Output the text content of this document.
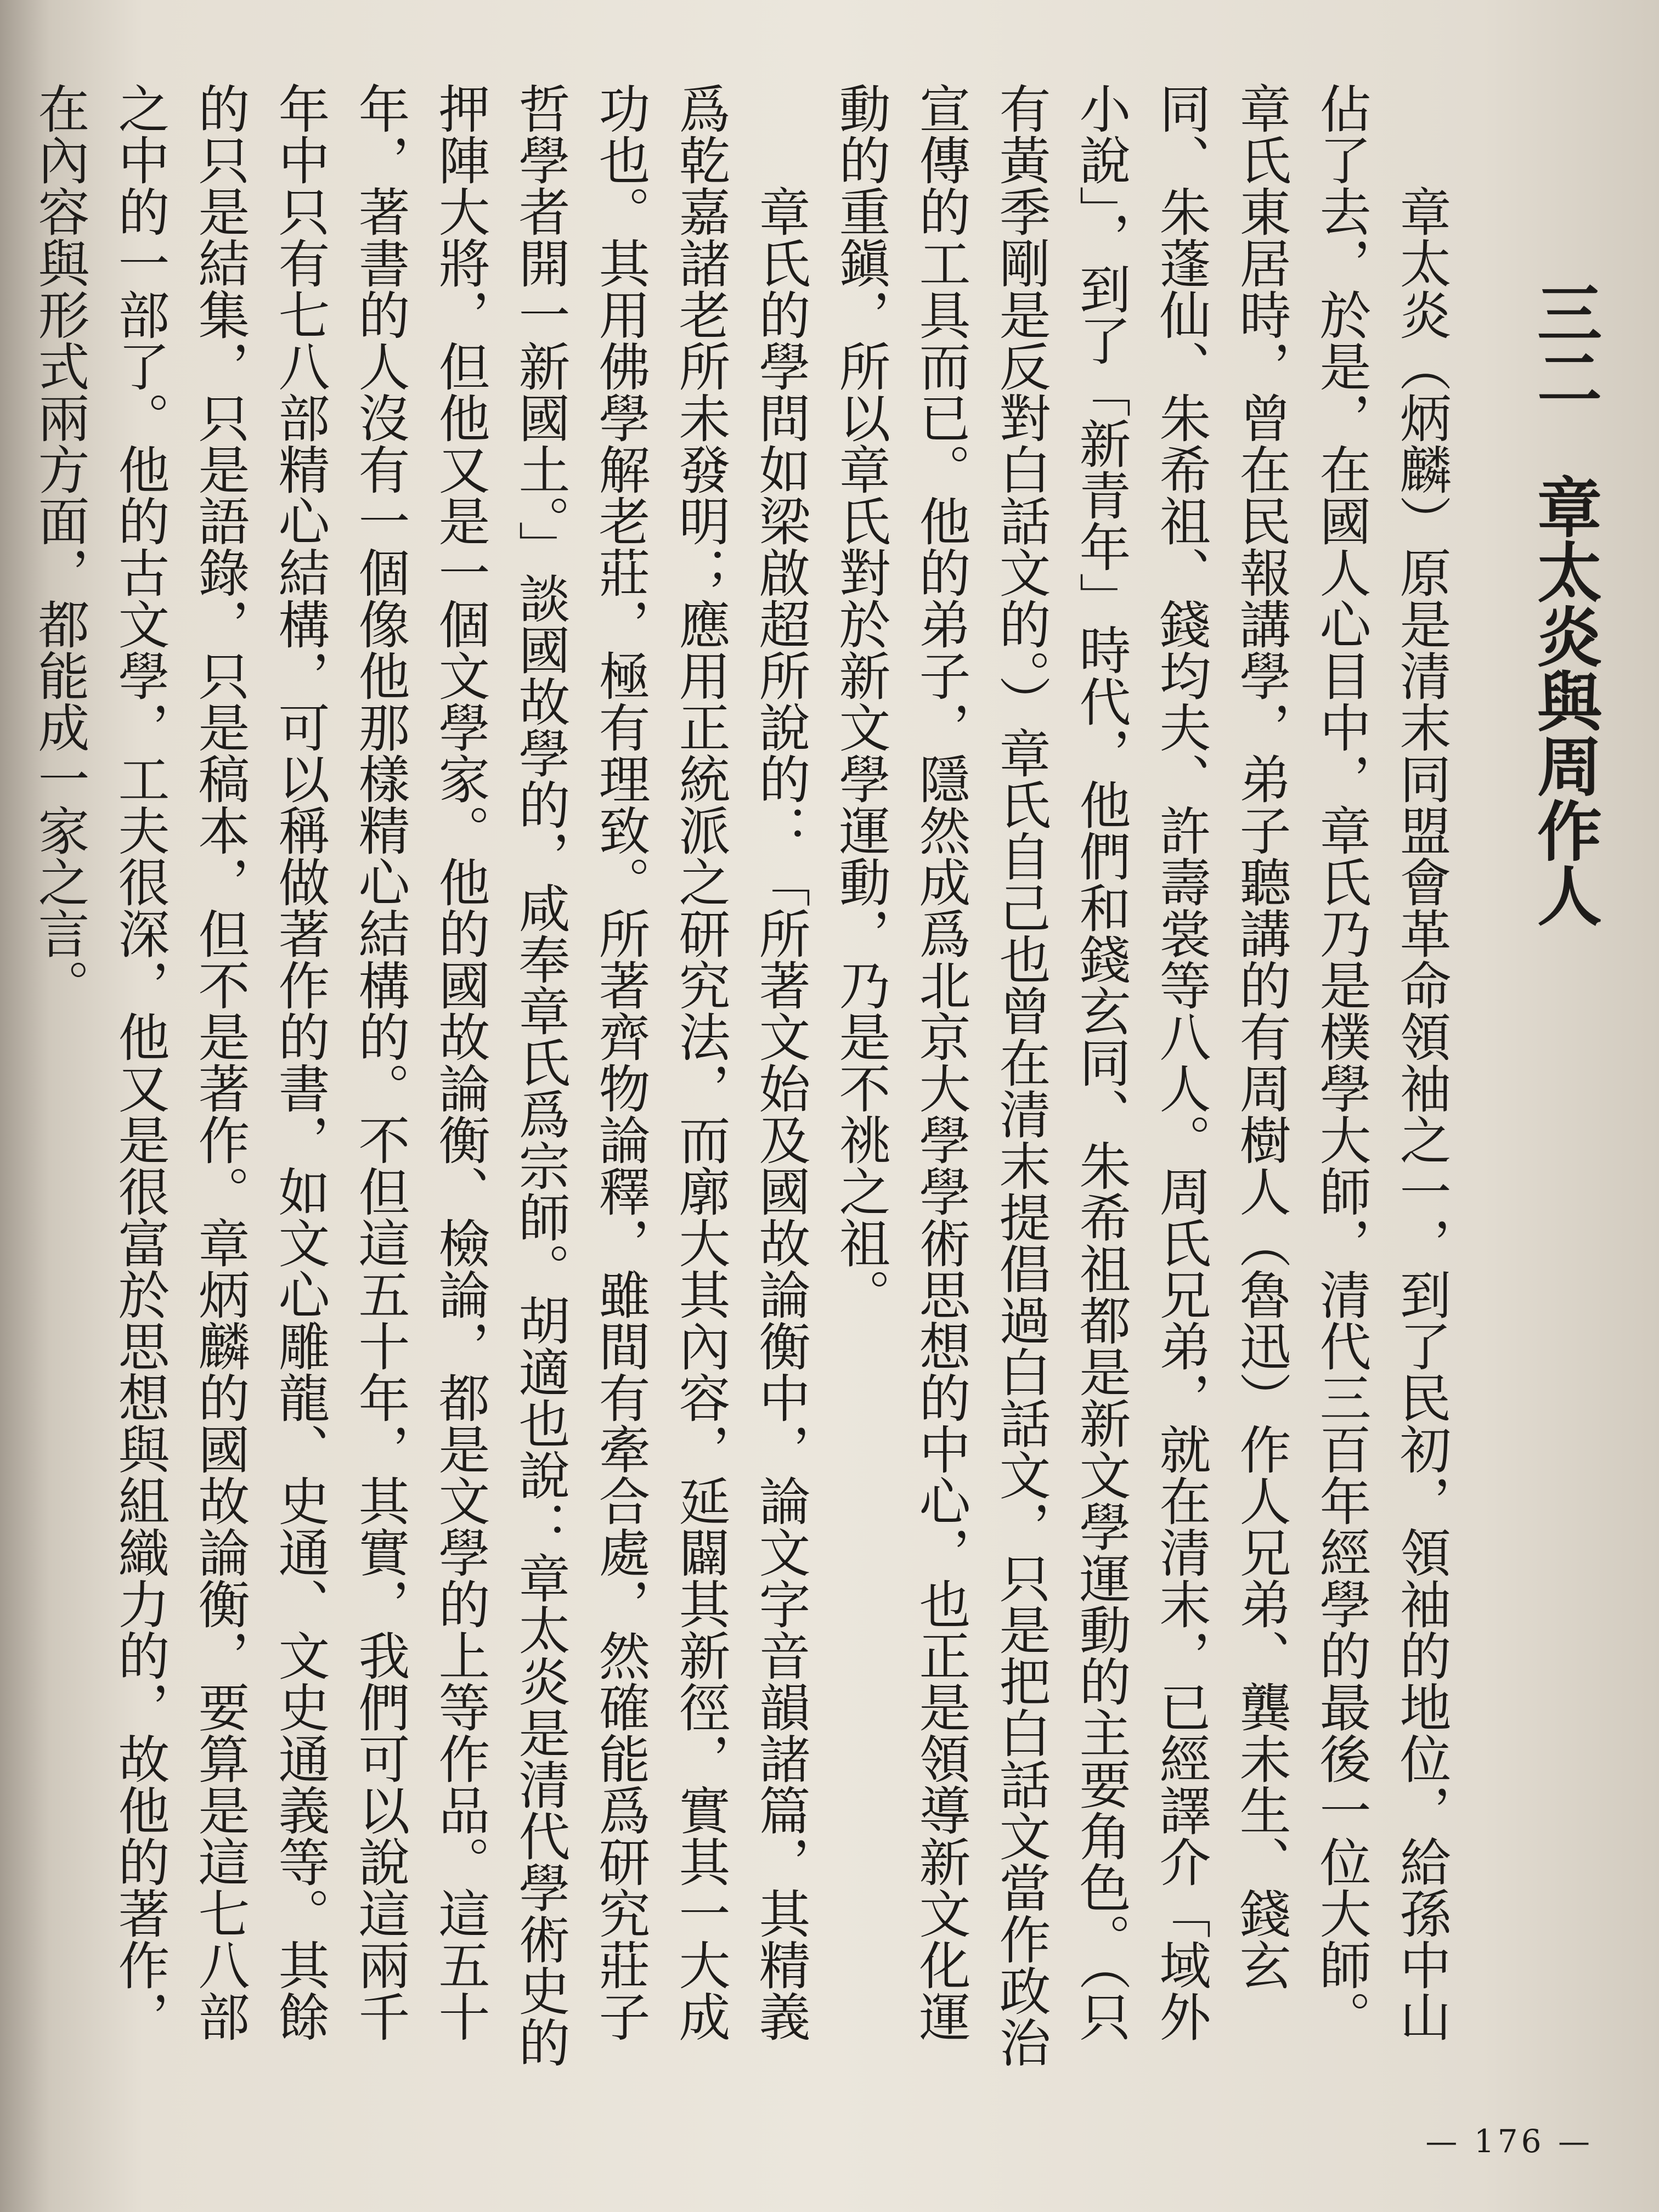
三二　章太炎與周作人

章太炎（炳麟）原是清末同盟會革命領袖之一，到了民初，領袖的地位，給孫中山佔了去，於是，在國人心目中，章氏乃是樸學大師，清代三百年經學的最後一位大師。章氏東居時，曾在民報講學，弟子聽講的有周樹人（魯迅）作人兄弟、龔未生、錢玄同、朱蓬仙、朱希祖、錢均夫、許壽裳等八人。周氏兄弟，就在清末，已經譯介「域外小說」，到了「新青年」時代，他們和錢玄同、朱希祖都是新文學運動的主要角色。（只有黃季剛是反對白話文的。）章氏自己也曾在清末提倡過白話文，只是把白話文當作政治宣傳的工具而已。他的弟子，隱然成爲北京大學學術思想的中心，也正是領導新文化運動的重鎭，所以章氏對於新文學運動，乃是不祧之祖。

章氏的學問如梁啟超所說的：「所著文始及國故論衡中，論文字音韻諸篇，其精義爲乾嘉諸老所未發明；應用正統派之研究法，而廓大其內容，延闢其新徑，實其一大成功也。其用佛學解老莊，極有理致。所著齊物論釋，雖間有牽合處，然確能爲研究莊子哲學者開一新國土。」談國故學的，咸奉章氏爲宗師。胡適也說：章太炎是清代學術史的押陣大將，但他又是一個文學家。他的國故論衡、檢論，都是文學的上等作品。這五十年，著書的人沒有一個像他那樣精心結構的。不但這五十年，其實，我們可以說這兩千年中只有七八部精心結構，可以稱做著作的書，如文心雕龍、史通、文史通義等。其餘的只是結集，只是語錄，只是稿本，但不是著作。章炳麟的國故論衡，要算是這七八部之中的一部了。他的古文學，工夫很深，他又是很富於思想與組織力的，故他的著作，在內容與形式兩方面，都能成一家之言。

— 176 —
